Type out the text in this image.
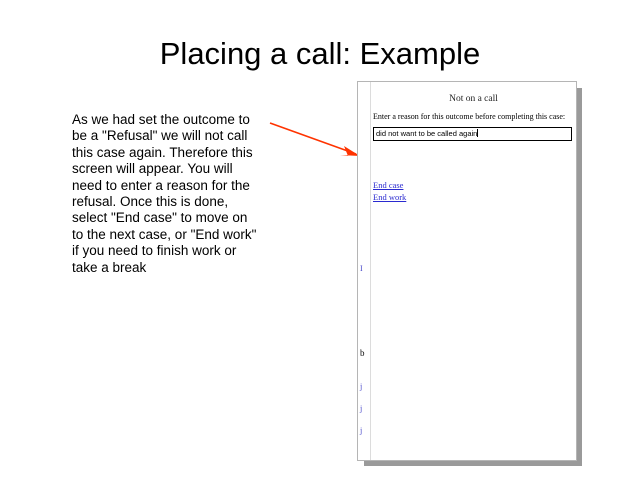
Placing a call: Example
As we had set the outcome to be a "Refusal" we will not call this case again. Therefore this screen will appear. You will need to enter a reason for the refusal. Once this is done, select "End case" to move on to the next case, or "End work" if you need to finish work or take a break	I
b
j
j
j
Not on a call
Enter a reason for this outcome before completing this case:
did not want to be called again
End case
End work
